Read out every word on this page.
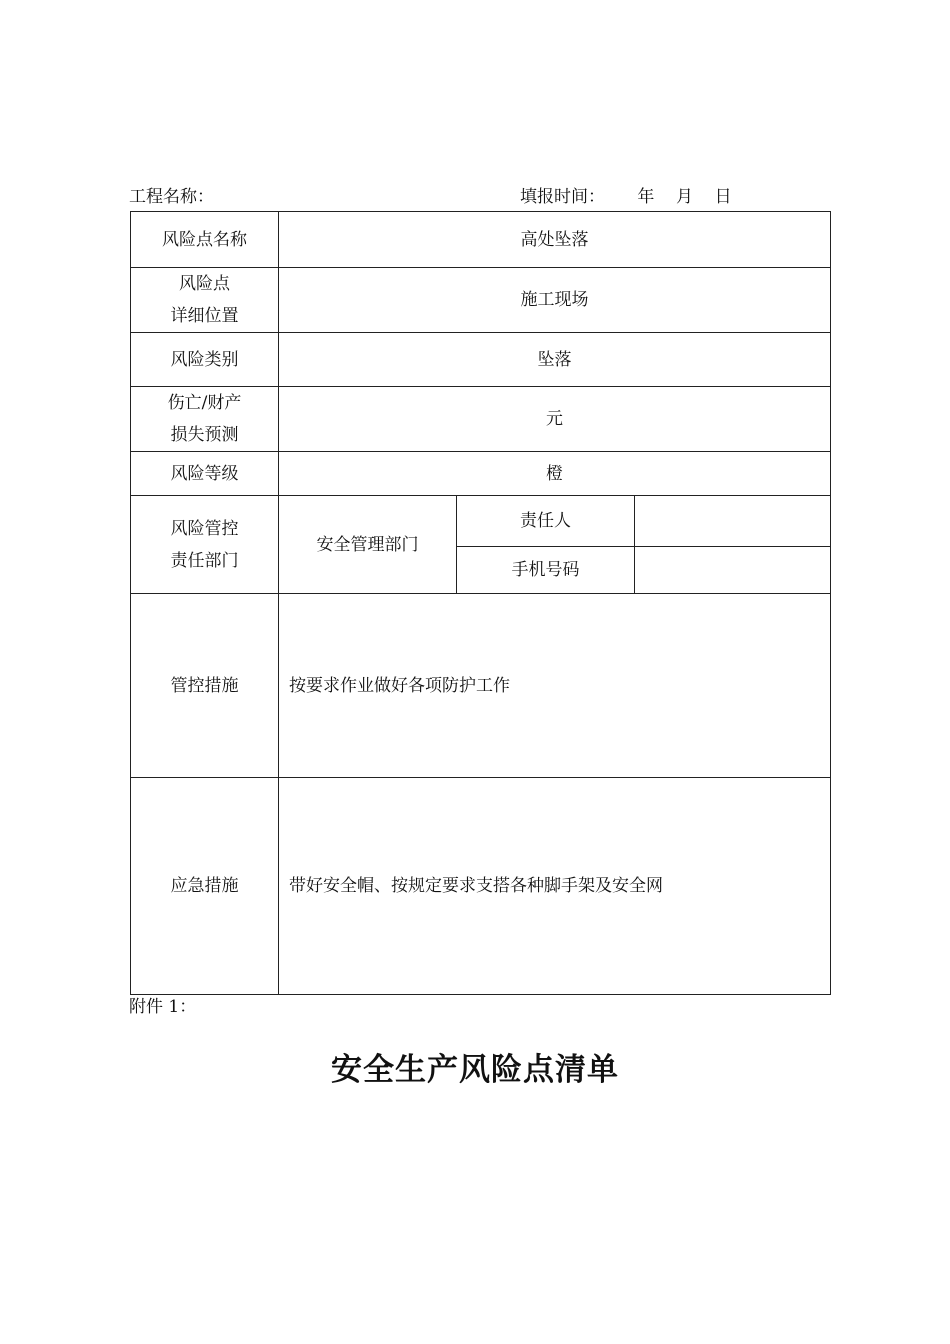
工程名称：	填报时间：      年    月    日
风险点名称	高处坠落		

风险点
详细位置	施工现场		
风险类别	坠落		

伤亡/财产
损失预测	元		
风险等级	橙		

风险管控
责任部门	安全管理部门	责任人	
		手机号码	
管控措施	按要求作业做好各项防护工作		
应急措施	带好安全帽、按规定要求支搭各种脚手架及安全网		
附件 1：
安全生产风险点清单
